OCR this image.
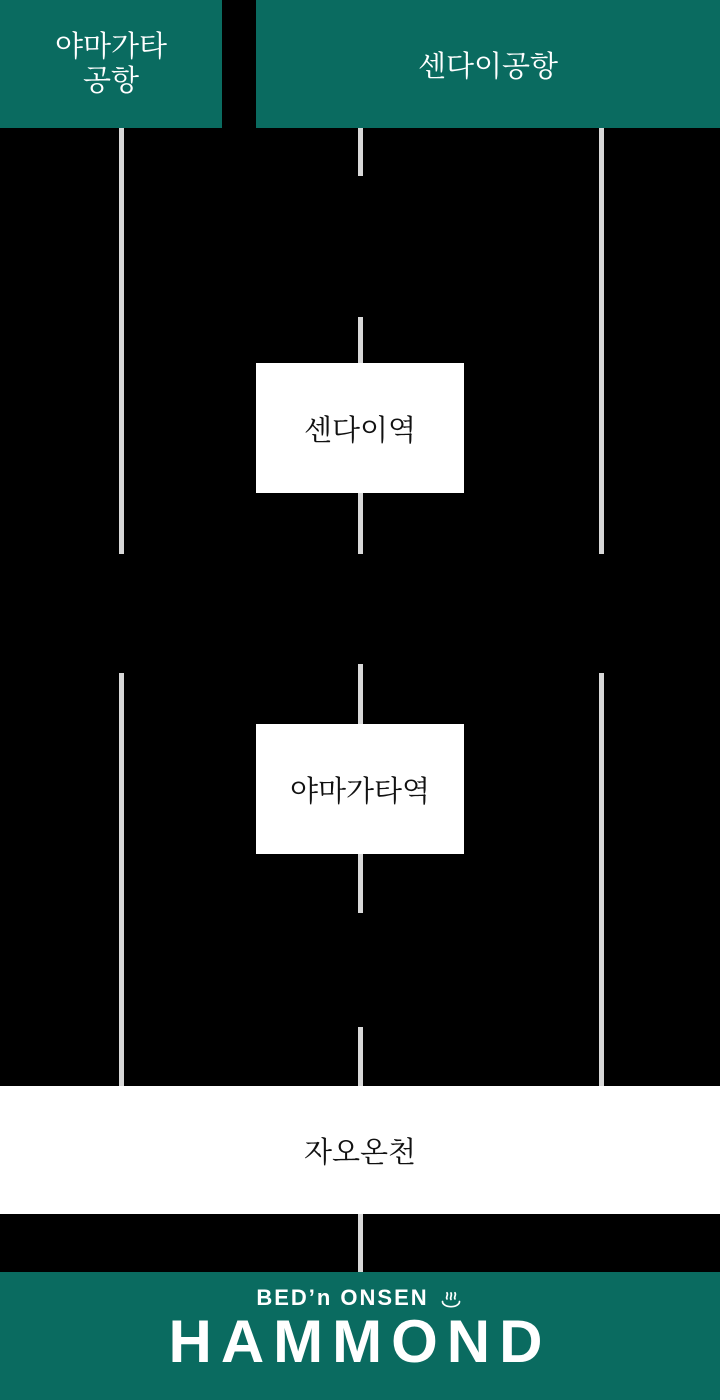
야마가타
공항	센다이공항
센다이역
야마가타역
자오온천
BED’n ONSEN
HAMMOND
